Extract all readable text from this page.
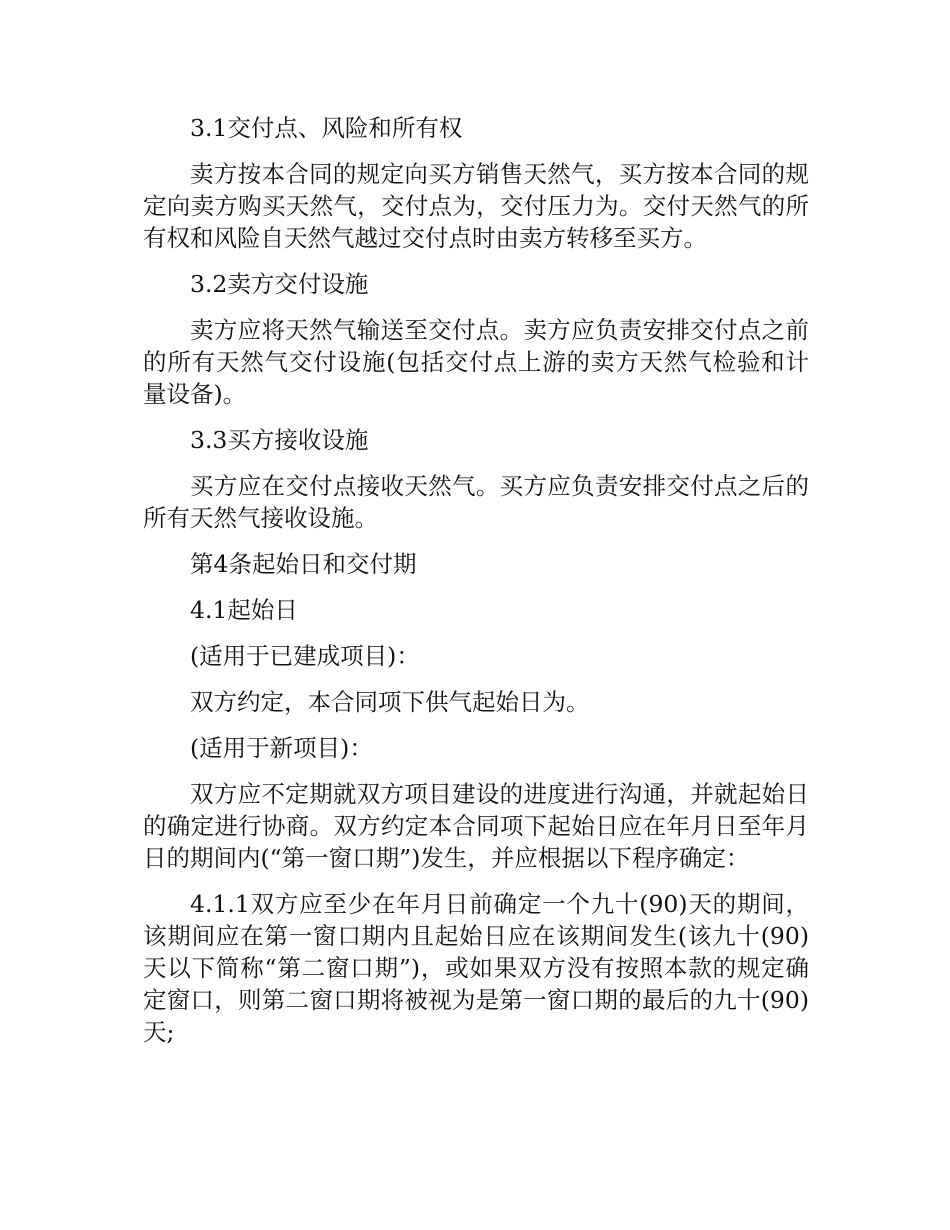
3.1交付点、风险和所有权

卖方按本合同的规定向买方销售天然气，买方按本合同的规定向卖方购买天然气，交付点为，交付压力为。交付天然气的所有权和风险自天然气越过交付点时由卖方转移至买方。

3.2卖方交付设施

卖方应将天然气输送至交付点。卖方应负责安排交付点之前的所有天然气交付设施(包括交付点上游的卖方天然气检验和计量设备)。

3.3买方接收设施

买方应在交付点接收天然气。买方应负责安排交付点之后的所有天然气接收设施。

第4条起始日和交付期

4.1起始日

(适用于已建成项目)：

双方约定，本合同项下供气起始日为。

(适用于新项目)：

双方应不定期就双方项目建设的进度进行沟通，并就起始日的确定进行协商。双方约定本合同项下起始日应在年月日至年月日的期间内(“第一窗口期”)发生，并应根据以下程序确定：

4.1.1双方应至少在年月日前确定一个九十(90)天的期间，该期间应在第一窗口期内且起始日应在该期间发生(该九十(90)天以下简称“第二窗口期”)，或如果双方没有按照本款的规定确定窗口，则第二窗口期将被视为是第一窗口期的最后的九十(90)天;
